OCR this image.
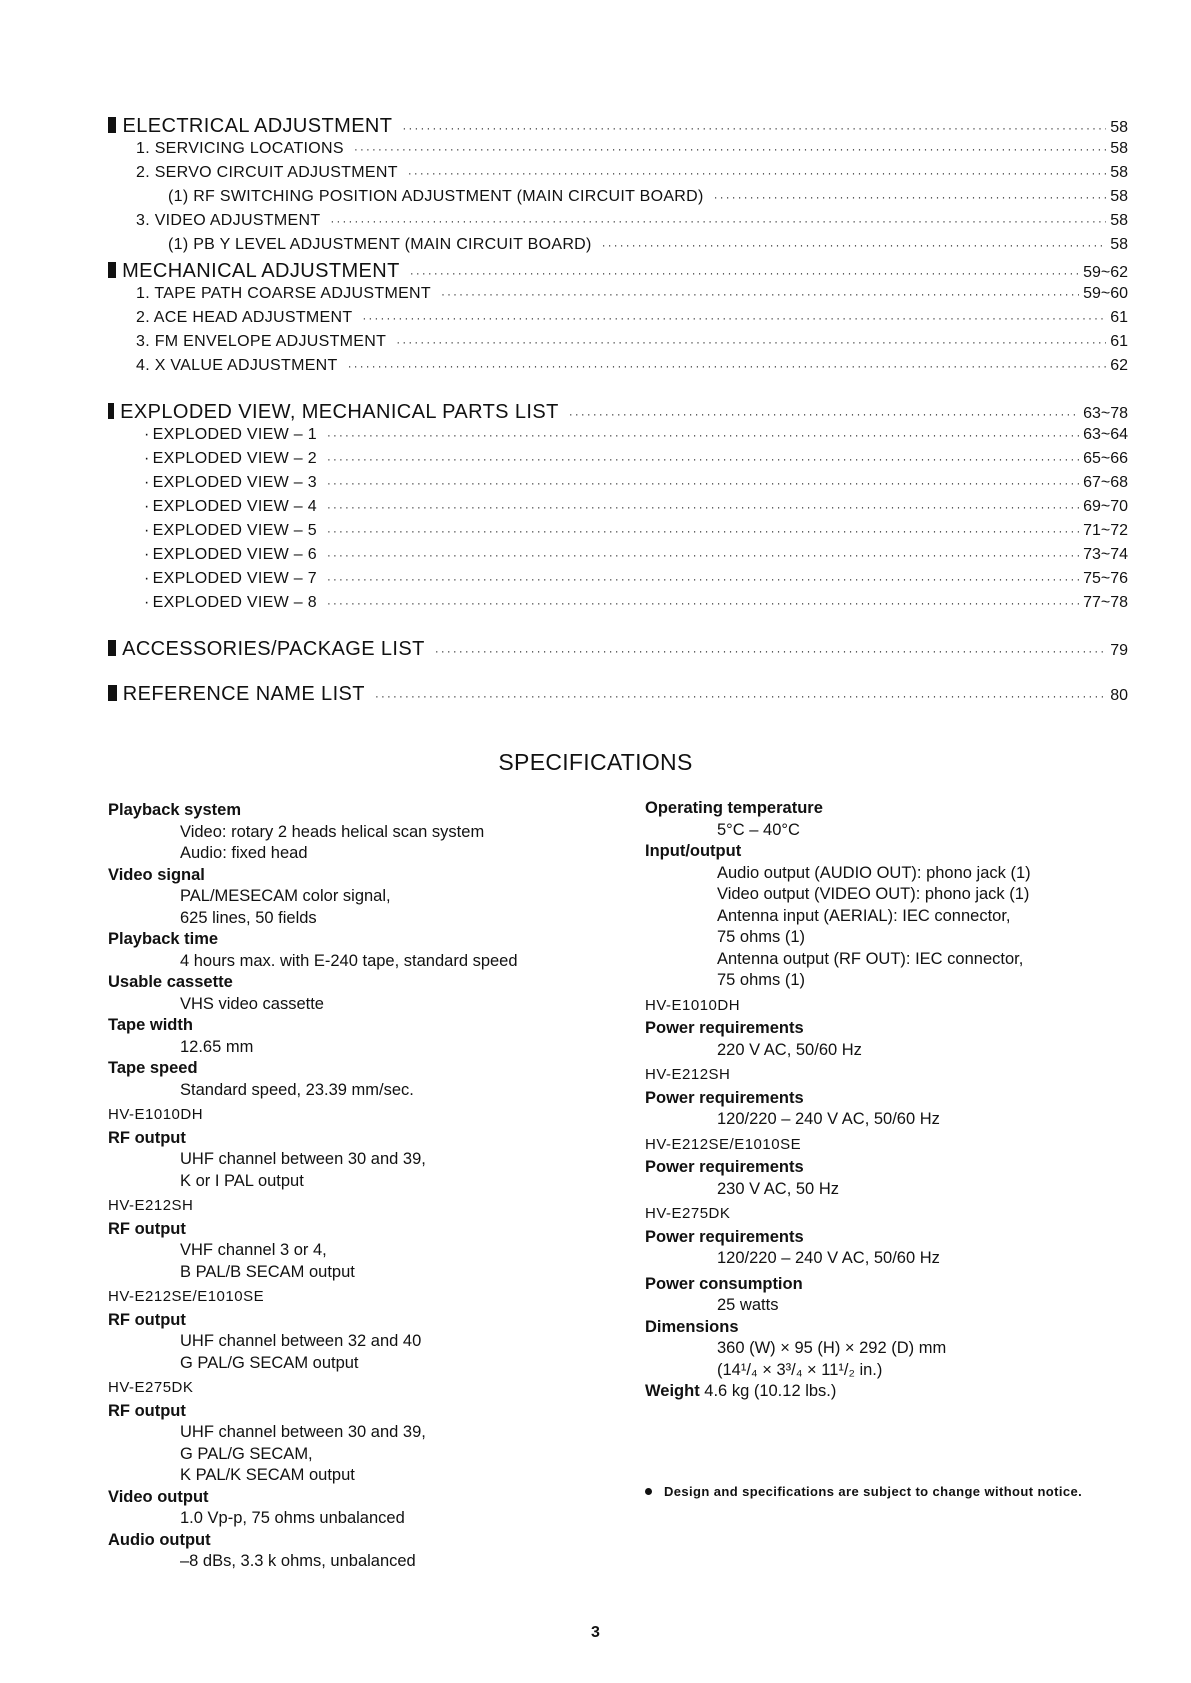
ELECTRICAL ADJUSTMENT ·····	58
1. SERVICING LOCATIONS ·····	58
2. SERVO CIRCUIT ADJUSTMENT ·····	58
(1) RF SWITCHING POSITION ADJUSTMENT (MAIN CIRCUIT BOARD) ·····	58
3. VIDEO ADJUSTMENT ·····	58
(1) PB Y LEVEL ADJUSTMENT (MAIN CIRCUIT BOARD) ·····	58
MECHANICAL ADJUSTMENT ·····	59~62
1. TAPE PATH COARSE ADJUSTMENT ·····	59~60
2. ACE HEAD ADJUSTMENT ·····	61
3. FM ENVELOPE ADJUSTMENT ·····	61
4. X VALUE ADJUSTMENT ·····	62
EXPLODED VIEW, MECHANICAL PARTS LIST ·····	63~78
· EXPLODED VIEW – 1 ·····	63~64
· EXPLODED VIEW – 2 ·····	65~66
· EXPLODED VIEW – 3 ·····	67~68
· EXPLODED VIEW – 4 ·····	69~70
· EXPLODED VIEW – 5 ·····	71~72
· EXPLODED VIEW – 6 ·····	73~74
· EXPLODED VIEW – 7 ·····	75~76
· EXPLODED VIEW – 8 ·····	77~78
ACCESSORIES/PACKAGE LIST ·····	79
REFERENCE NAME LIST ·····	80
SPECIFICATIONS
Playback system
Video: rotary 2 heads helical scan system
Audio: fixed head
Video signal
PAL/MESECAM color signal,
625 lines, 50 fields
Playback time
4 hours max. with E-240 tape, standard speed
Usable cassette
VHS video cassette
Tape width
12.65 mm
Tape speed
Standard speed, 23.39 mm/sec.
HV-E1010DH
RF output
UHF channel between 30 and 39,
K or I PAL output
HV-E212SH
RF output
VHF channel 3 or 4,
B PAL/B SECAM output
HV-E212SE/E1010SE
RF output
UHF channel between 32 and 40
G PAL/G SECAM output
HV-E275DK
RF output
UHF channel between 30 and 39,
G PAL/G SECAM,
K PAL/K SECAM output
Video output
1.0 Vp-p, 75 ohms unbalanced
Audio output
–8 dBs, 3.3 k ohms, unbalanced
Operating temperature
5°C – 40°C
Input/output
Audio output (AUDIO OUT): phono jack (1)
Video output (VIDEO OUT): phono jack (1)
Antenna input (AERIAL): IEC connector,
75 ohms (1)
Antenna output (RF OUT): IEC connector,
75 ohms (1)
HV-E1010DH
Power requirements
220 V AC, 50/60 Hz
HV-E212SH
Power requirements
120/220 – 240 V AC, 50/60 Hz
HV-E212SE/E1010SE
Power requirements
230 V AC, 50 Hz
HV-E275DK
Power requirements
120/220 – 240 V AC, 50/60 Hz
Power consumption
25 watts
Dimensions
360 (W) × 95 (H) × 292 (D) mm
(14¹/₄ × 3³/₄ × 11¹/₂ in.)
Weight 4.6 kg (10.12 lbs.)
Design and specifications are subject to change without notice.
3
